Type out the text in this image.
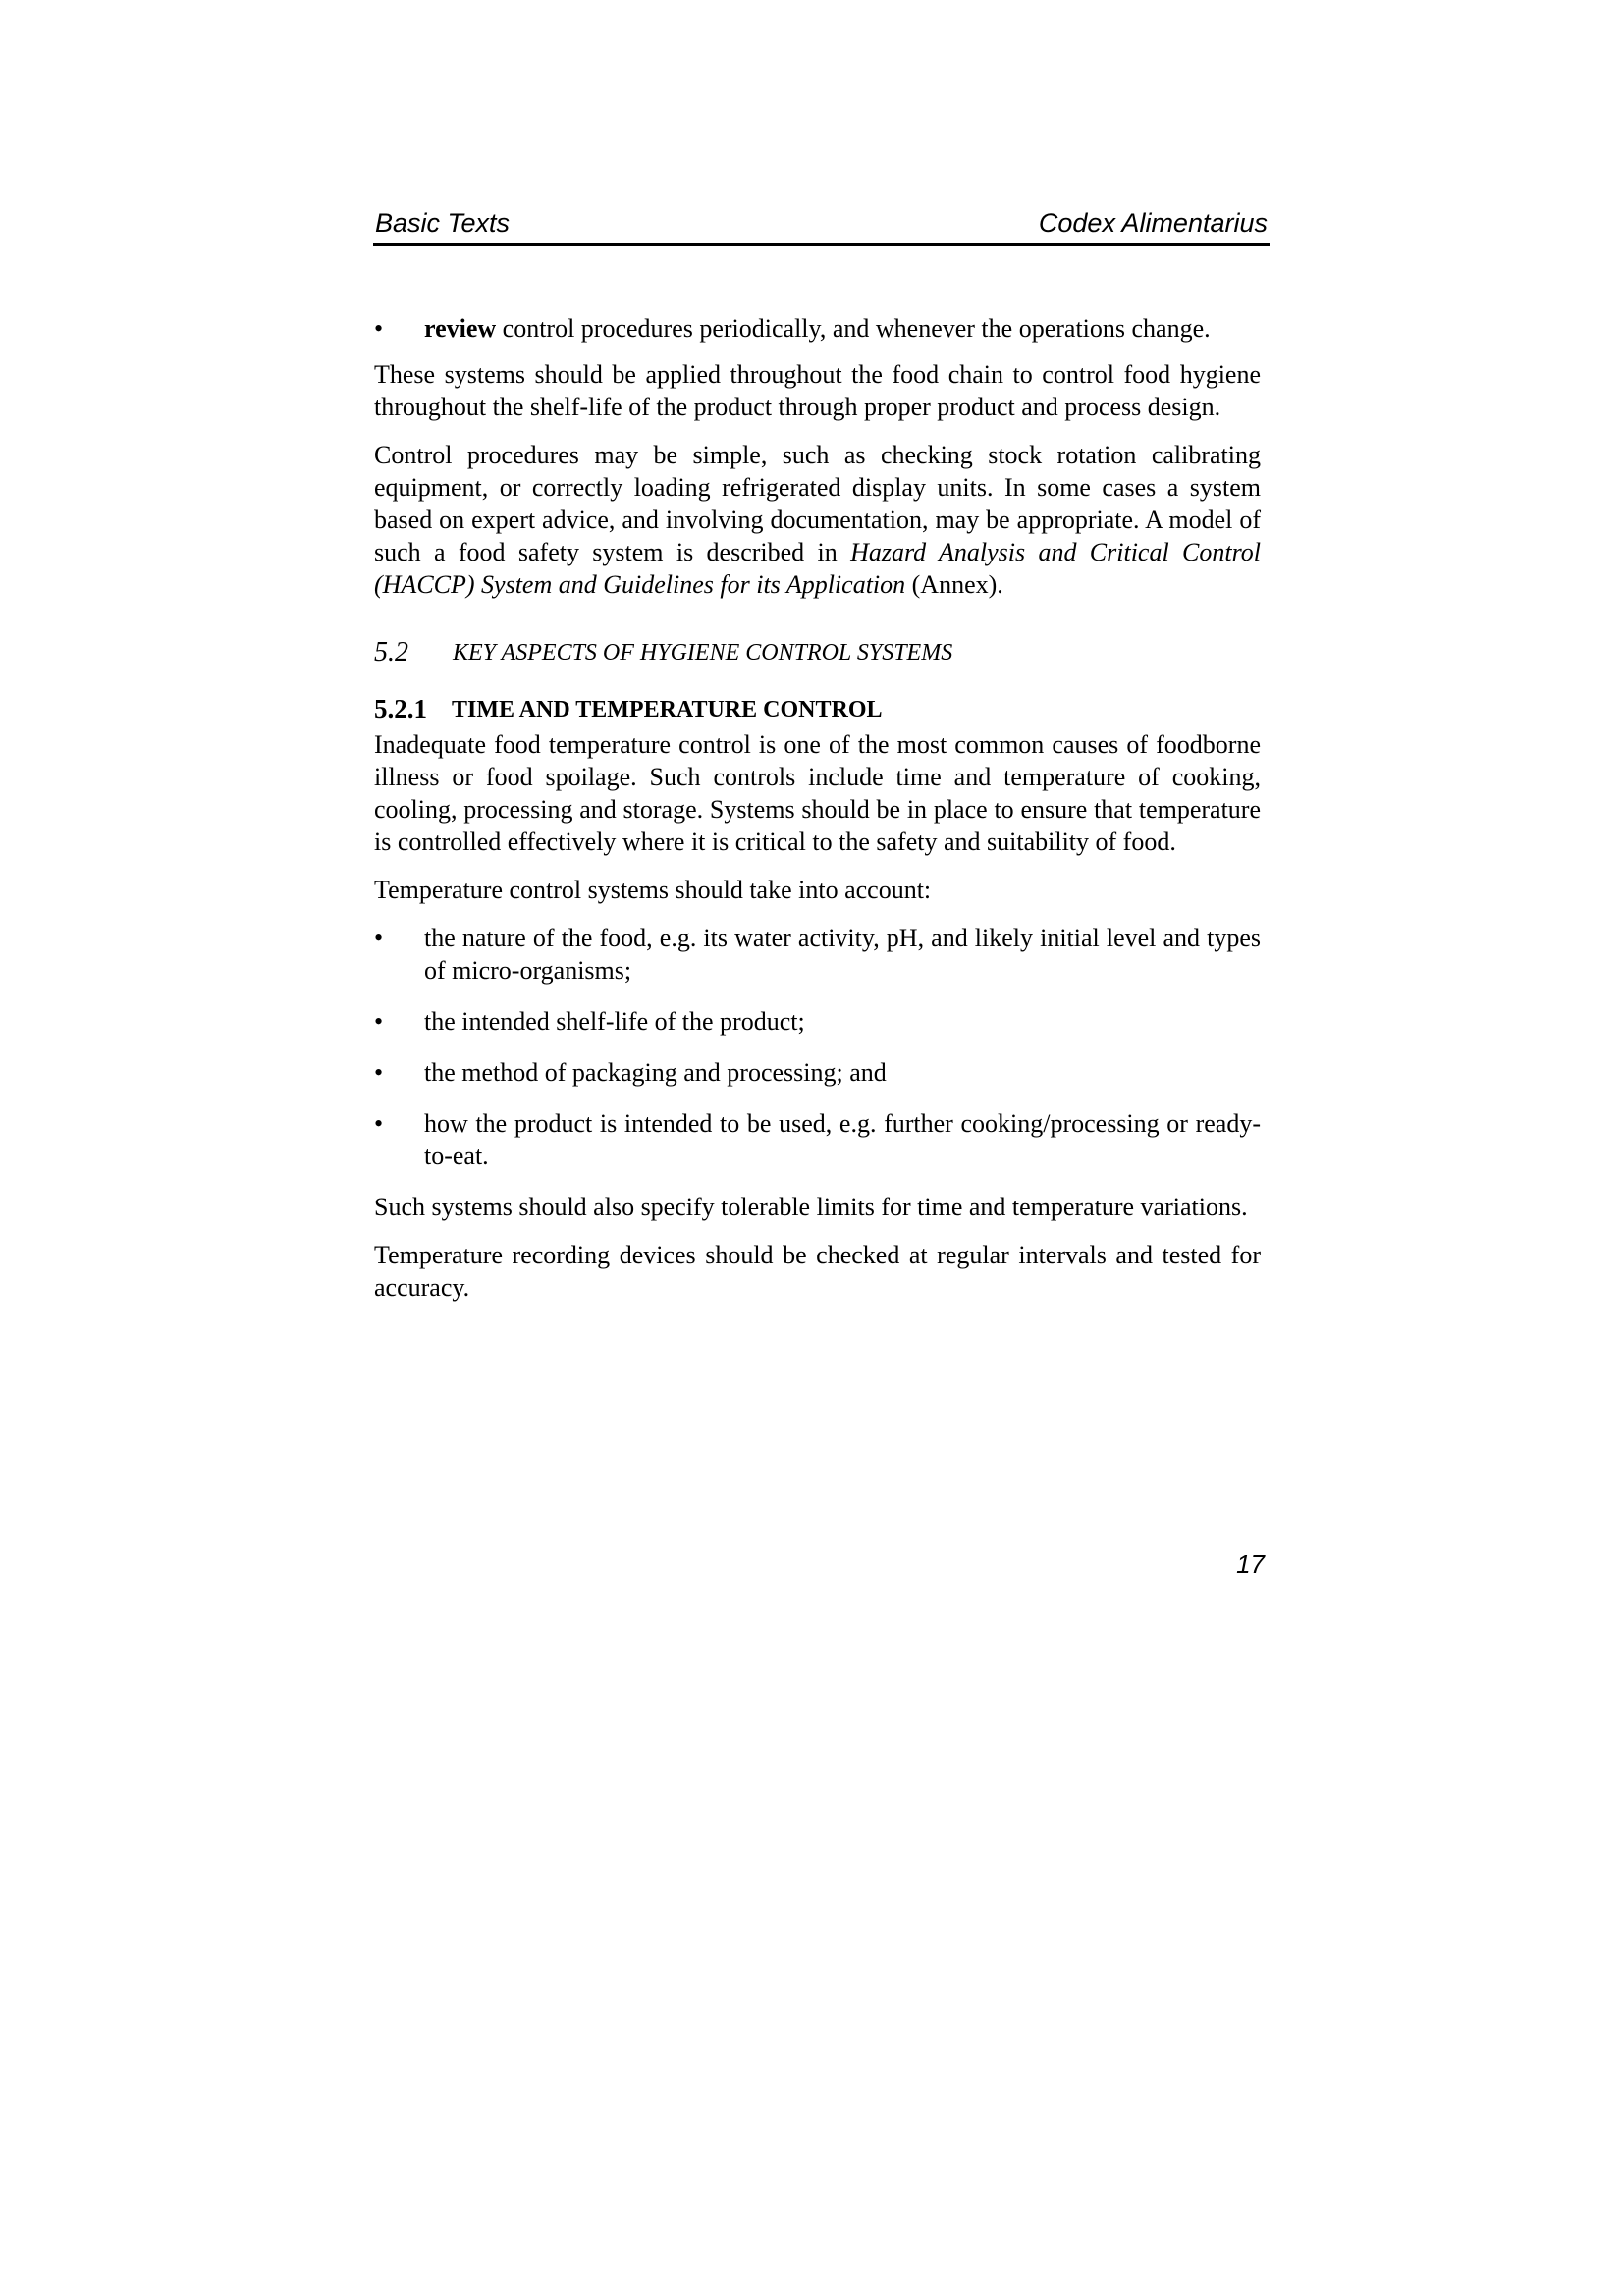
Basic Texts	Codex Alimentarius
•	review control procedures periodically, and whenever the operations change.

These systems should be applied throughout the food chain to control food hygiene throughout the shelf-life of the product through proper product and process design.

Control procedures may be simple, such as checking stock rotation calibrating equipment, or correctly loading refrigerated display units. In some cases a system based on expert advice, and involving documentation, may be appropriate. A model of such a food safety system is described in Hazard Analysis and Critical Control (HACCP) System and Guidelines for its Application (Annex).

5.2 KEY ASPECTS OF HYGIENE CONTROL SYSTEMS
5.2.1 TIME AND TEMPERATURE CONTROL

Inadequate food temperature control is one of the most common causes of foodborne illness or food spoilage. Such controls include time and temperature of cooking, cooling, processing and storage. Systems should be in place to ensure that temperature is controlled effectively where it is critical to the safety and suitability of food.

Temperature control systems should take into account:

•	the nature of the food, e.g. its water activity, pH, and likely initial level and types of micro-organisms;
•	the intended shelf-life of the product;
•	the method of packaging and processing; and
•	how the product is intended to be used, e.g. further cooking/processing or ready-to-eat.

Such systems should also specify tolerable limits for time and temperature variations.

Temperature recording devices should be checked at regular intervals and tested for accuracy.

17
